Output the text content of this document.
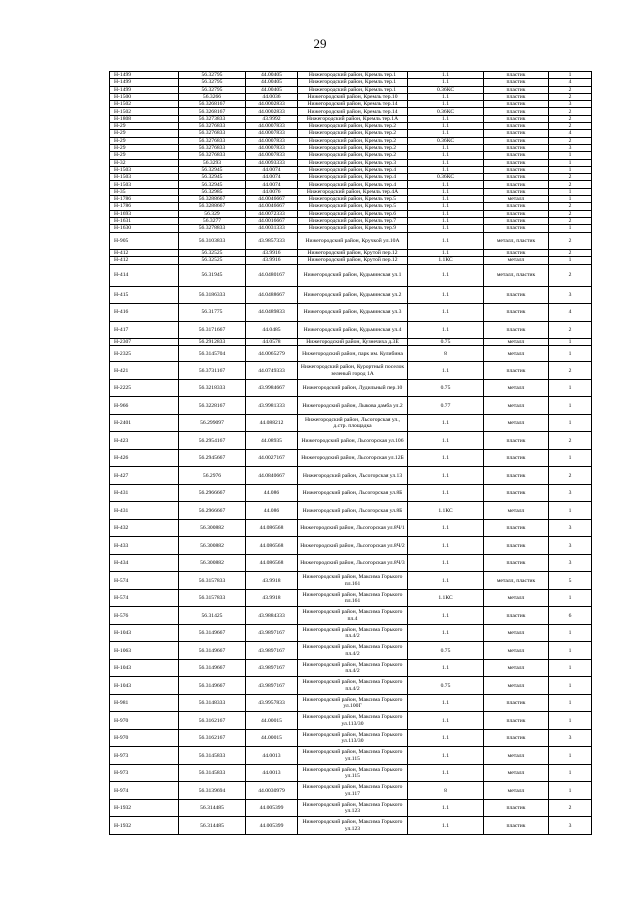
29
Н-1499	56.32795	44.00405	Нижегородский район, Кремль тер.1	1.1	пластик	1
Н-1499	56.32795	44.00405	Нижегородский район, Кремль тер.1	1.1	пластик	4
Н-1499	56.32795	44.00405	Нижегородский район, Кремль тер.1	0.36КС	пластик	2
Н-1500	56.3266	44.0036	Нижегородский район, Кремль тер.10	1.1	пластик	2
Н-1502	56.3268167	44.0002833	Нижегородский район, Кремль тер.14	1.1	пластик	3
Н-1502	56.3268167	44.0002833	Нижегородский район, Кремль тер.14	0.36КС	пластик	2
Н-1808	56.3273833	43.9992	Нижегородский район, Кремль тер.1А	1.1	пластик	2
Н-29	56.3276833	44.0007833	Нижегородский район, Кремль тер.2	1.1	пластик	2
Н-29	56.3276833	44.0007833	Нижегородский район, Кремль тер.2	1.1	пластик	4
Н-29	56.3276833	44.0007833	Нижегородский район, Кремль тер.2	0.36КС	пластик	2
Н-29	56.3276833	44.0007833	Нижегородский район, Кремль тер.2	1.1	пластик	3
Н-29	56.3276833	44.0007833	Нижегородский район, Кремль тер.2	1.1	пластик	1
Н-32	56.3293	44.0093333	Нижегородский район, Кремль тер.3	1.1	пластик	1
Н-1503	56.32945	44.0074	Нижегородский район, Кремль тер.4	1.1	пластик	1
Н-1503	56.32945	44.0074	Нижегородский район, Кремль тер.4	0.36КС	пластик	2
Н-1503	56.32945	44.0074	Нижегородский район, Кремль тер.4	1.1	пластик	2
Н-35	56.32985	44.0076	Нижегородский район, Кремль тер.4А	1.1	пластик	1
Н-1786	56.3288667	44.0046667	Нижегородский район, Кремль тер.5	1.1	металл	1
Н-1786	56.3288667	44.0046667	Нижегородский район, Кремль тер.5	1.1	пластик	2
Н-1693	56.329	44.0072333	Нижегородский район, Кремль тер.6	1.1	пластик	2
Н-1631	56.3277	44.0016667	Нижегородский район, Кремль тер.7	1.1	пластик	2
Н-1630	56.3278833	44.0031333	Нижегородский район, Кремль тер.9	1.1	пластик	1
Н-905	56.3103833	43.9857333	Нижегородский район, Кручкой ул.10А	1.1	металл, пластик	2
Н-412	56.32525	43.9916	Нижегородский район, Крутой пер.12	1.1	пластик	2
Н-412	56.32525	43.9916	Нижегородский район, Крутой пер.12	1.1КС	металл	1
Н-414	56.31945	44.0480167	Нижегородский район, Кудьминская ул.1	1.1	металл, пластик	2
Н-415	56.3186333	44.0488667	Нижегородский район, Кудьминская ул.2	1.1	пластик	3
Н-416	56.31775	44.0489833	Нижегородский район, Кудьминская ул.3	1.1	пластик	4
Н-417	56.3171667	44.0485	Нижегородский район, Кудьминская ул.4	1.1	пластик	2
Н-2307	56.2912833	44.0578	Нижегородский район, Кузнечиха д.3Е	0.75	металл	1
Н-2325	56.3145704	44.0065279	Нижегородский район, парк им. Кулибина	8	металл	1
Н-421	56.3731167	44.0749333	Нижегородский район, Курортный поселок зеленый город 1А	1.1	пластик	2
Н-2225	56.3218333	43.9984667	Нижегородский район, Лудильный пер.10	0.75	металл	1
Н-966	56.3228167	43.9981333	Нижегородский район, Лыкова дамба ул.2	0.77	металл	1
Н-2401	56.299097	44.088212	Нижегородский район, Льсогорская ул., д.стр. площадка	1.1	металл	1
Н-423	56.2954167	44.08935	Нижегородский район, Льсогорская ул.106	1.1	пластик	2
Н-426	56.2945667	44.0027167	Нижегородский район, Льсогорская ул.12Б	1.1	пластик	1
Н-427	56.2976	44.0840667	Нижегородский район, Льсогорская ул.13	1.1	пластик	2
Н-431	56.2966667	44.086	Нижегородский район, Льсогорская ул.8Б	1.1	пластик	3
Н-431	56.2966667	44.086	Нижегородский район, Льсогорская ул.8Б	1.1КС	металл	1
Н-432	56.300882	44.086568	Нижегородский район, Льсогорская ул.8Ч/1	1.1	пластик	3
Н-433	56.300882	44.086568	Нижегородский район, Льсогорская ул.8Ч/2	1.1	пластик	3
Н-434	56.300882	44.086568	Нижегородский район, Льсогорская ул.8Ч/3	1.1	пластик	3
Н-574	56.3157833	43.9918	Нижегородский район, Максима Горького пл.161	1.1	металл, пластик	5
Н-574	56.3157833	43.9918	Нижегородский район, Максима Горького пл.161	1.1КС	металл	1
Н-576	56.31425	43.9884333	Нижегородский район, Максима Горького пл.4	1.1	пластик	6
Н-1043	56.3149667	43.9897167	Нижегородский район, Максима Горького пл.4/2	1.1	металл	1
Н-1063	56.3149667	43.9897167	Нижегородский район, Максима Горького пл.4/2	0.75	металл	1
Н-1043	56.3149667	43.9897167	Нижегородский район, Максима Горького пл.4/2	1.1	металл	1
Н-1043	56.3149667	43.9897167	Нижегородский район, Максима Горького пл.4/2	0.75	металл	1
Н-981	56.3148333	43.9957833	Нижегородский район, Максима Горького ул.100Г	1.1	пластик	1
Н-970	56.3162167	44.00015	Нижегородский район, Максима Горького ул.113/30	1.1	пластик	1
Н-970	56.3162167	44.00015	Нижегородский район, Максима Горького ул.113/30	1.1	пластик	3
Н-973	56.3145833	44.0013	Нижегородский район, Максима Горького ул.115	1.1	металл	1
Н-973	56.3145833	44.0013	Нижегородский район, Максима Горького ул.115	1.1	металл	1
Н-974	56.3139694	44.0030979	Нижегородский район, Максима Горького ул.117	8	металл	1
Н-1932	56.314485	44.005399	Нижегородский район, Максима Горького ул.123	1.1	пластик	2
Н-1932	56.314485	44.005399	Нижегородский район, Максима Горького ул.123	1.1	пластик	3
